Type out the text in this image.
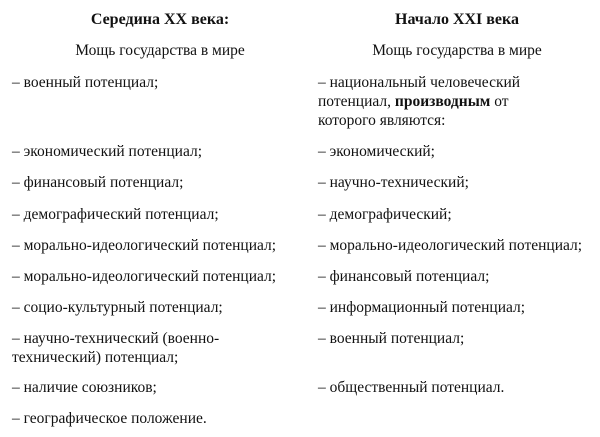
Середина XX века:
Мощь государства в мире

– военный потенциал;

– экономический потенциал;

– финансовый потенциал;

– демографический потенциал;

– морально-идеологический потенциал;

– морально-идеологический потенциал;

– социо-культурный потенциал;

– научно-технический (военно-технический) потенциал;

– наличие союзников;

– географическое положение.

Начало XXI века
Мощь государства в мире

– национальный человеческий потенциал, производным от которого являются:

– экономический;

– научно-технический;

– демографический;

– морально-идеологический потенциал;

– финансовый потенциал;

– информационный потенциал;

– военный потенциал;

– общественный потенциал.
